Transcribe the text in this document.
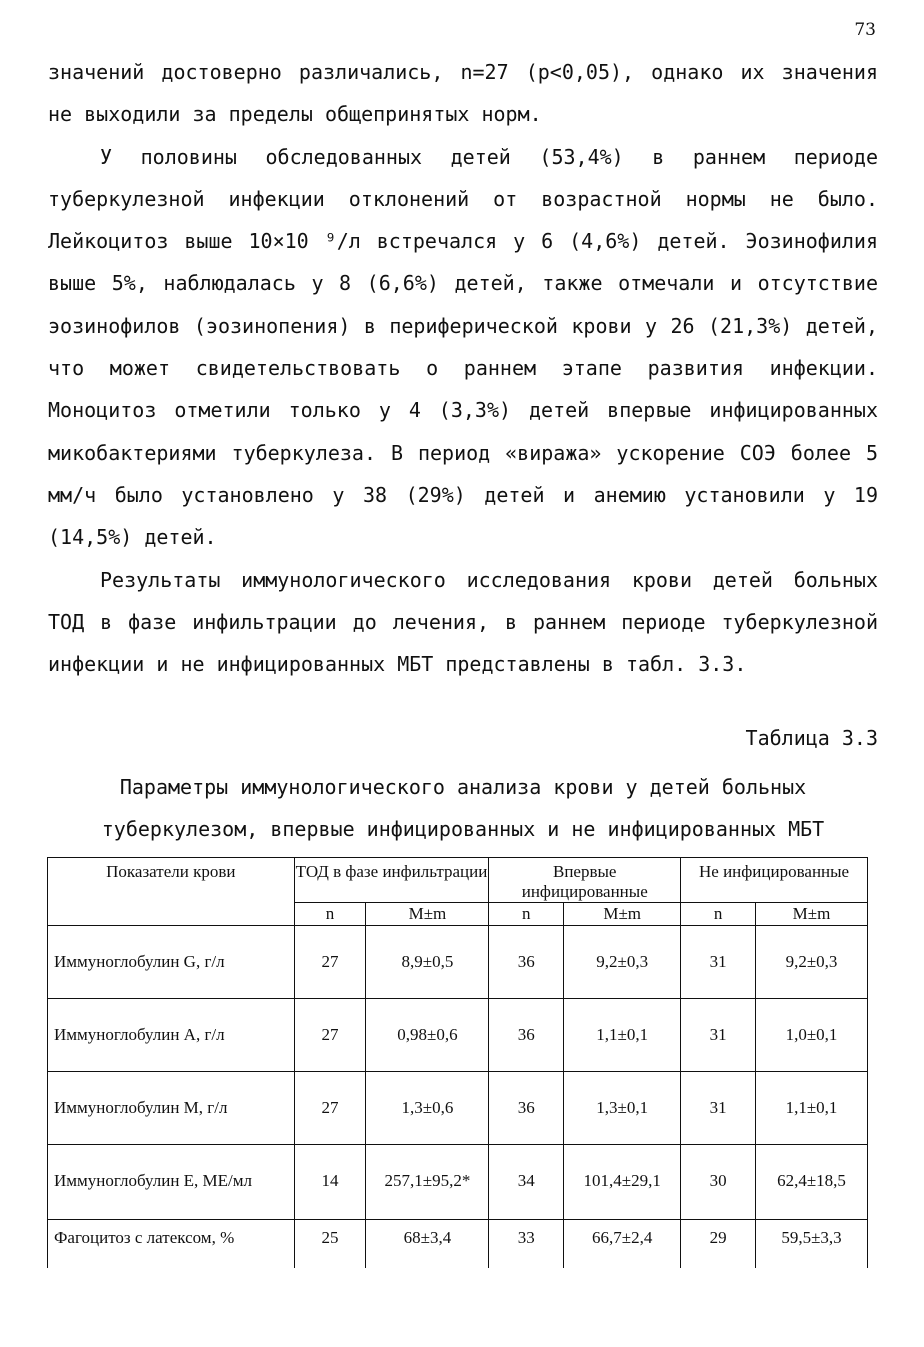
73

значений достоверно различались, n=27 (р<0,05), однако их значения не выходили за пределы общепринятых норм.

У половины обследованных детей (53,4%) в раннем периоде туберкулезной инфекции отклонений от возрастной нормы не было. Лейкоцитоз выше 10×10 ⁹/л встречался у 6 (4,6%) детей. Эозинофилия выше 5%, наблюдалась у 8 (6,6%) детей, также отмечали и отсутствие эозинофилов (эозинопения) в периферической крови у 26 (21,3%) детей, что может свидетельствовать о раннем этапе развития инфекции. Моноцитоз отметили только у 4 (3,3%) детей впервые инфицированных микобактериями туберкулеза. В период «виража» ускорение СОЭ более 5 мм/ч было установлено у 38 (29%) детей и анемию установили у 19 (14,5%) детей.

Результаты иммунологического исследования крови детей больных ТОД в фазе инфильтрации до лечения, в раннем периоде туберкулезной инфекции и не инфицированных МБТ представлены в табл. 3.3.

Таблица 3.3
Параметры иммунологического анализа крови у детей больных
туберкулезом, впервые инфицированных и не инфицированных МБТ
Показатели крови	ТОД в фазе инфильтрации		Впервые инфицированные		Не инфицированные	
	n	M±m	n	M±m	n	M±m
Иммуноглобулин G, г/л	27	8,9±0,5	36	9,2±0,3	31	9,2±0,3
Иммуноглобулин A, г/л	27	0,98±0,6	36	1,1±0,1	31	1,0±0,1
Иммуноглобулин M, г/л	27	1,3±0,6	36	1,3±0,1	31	1,1±0,1
Иммуноглобулин E, МЕ/мл	14	257,1±95,2*	34	101,4±29,1	30	62,4±18,5
Фагоцитоз с латексом, %	25	68±3,4	33	66,7±2,4	29	59,5±3,3
